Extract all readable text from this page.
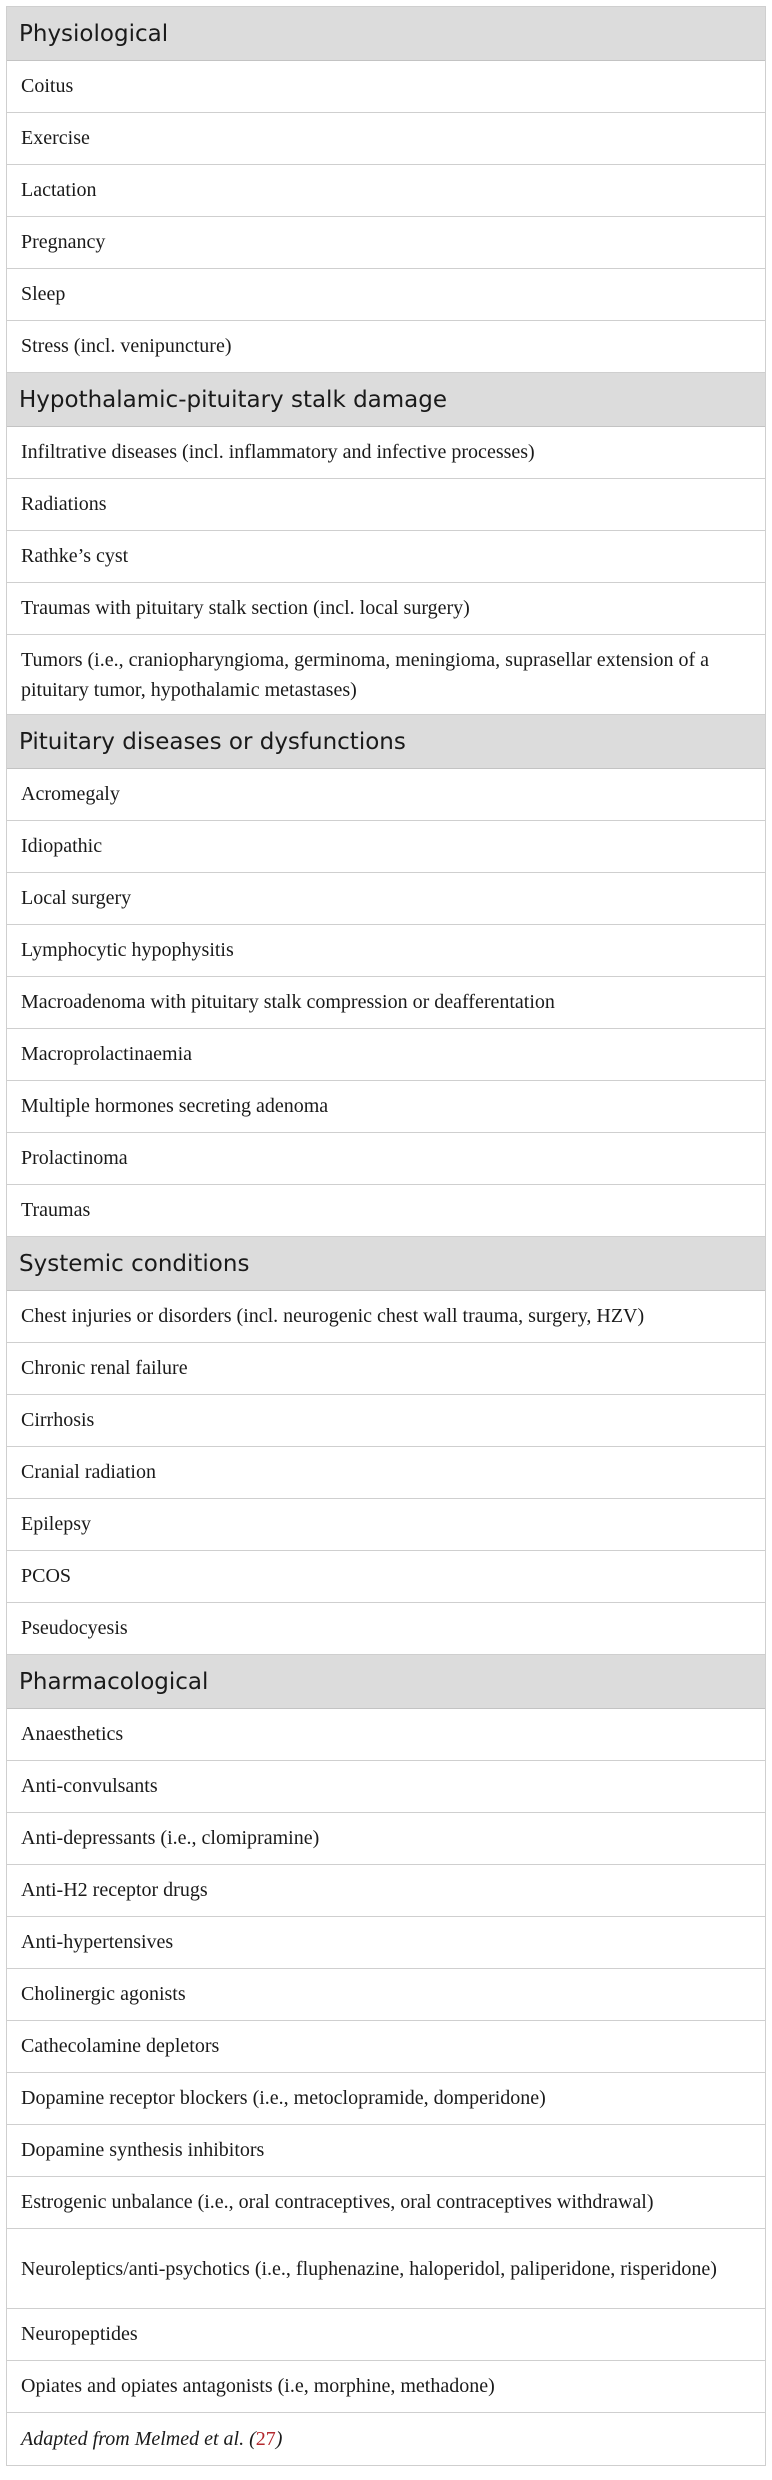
Physiological
Coitus
Exercise
Lactation
Pregnancy
Sleep
Stress (incl. venipuncture)
Hypothalamic-pituitary stalk damage
Infiltrative diseases (incl. inflammatory and infective processes)
Radiations
Rathke’s cyst
Traumas with pituitary stalk section (incl. local surgery)
Tumors (i.e., craniopharyngioma, germinoma, meningioma, suprasellar extension of a pituitary tumor, hypothalamic metastases)
Pituitary diseases or dysfunctions
Acromegaly
Idiopathic
Local surgery
Lymphocytic hypophysitis
Macroadenoma with pituitary stalk compression or deafferentation
Macroprolactinaemia
Multiple hormones secreting adenoma
Prolactinoma
Traumas
Systemic conditions
Chest injuries or disorders (incl. neurogenic chest wall trauma, surgery, HZV)
Chronic renal failure
Cirrhosis
Cranial radiation
Epilepsy
PCOS
Pseudocyesis
Pharmacological
Anaesthetics
Anti-convulsants
Anti-depressants (i.e., clomipramine)
Anti-H2 receptor drugs
Anti-hypertensives
Cholinergic agonists
Cathecolamine depletors
Dopamine receptor blockers (i.e., metoclopramide, domperidone)
Dopamine synthesis inhibitors
Estrogenic unbalance (i.e., oral contraceptives, oral contraceptives withdrawal)
Neuroleptics/anti-psychotics (i.e., fluphenazine, haloperidol, paliperidone, risperidone)
Neuropeptides
Opiates and opiates antagonists (i.e, morphine, methadone)
Adapted from Melmed et al. ( 27 )
